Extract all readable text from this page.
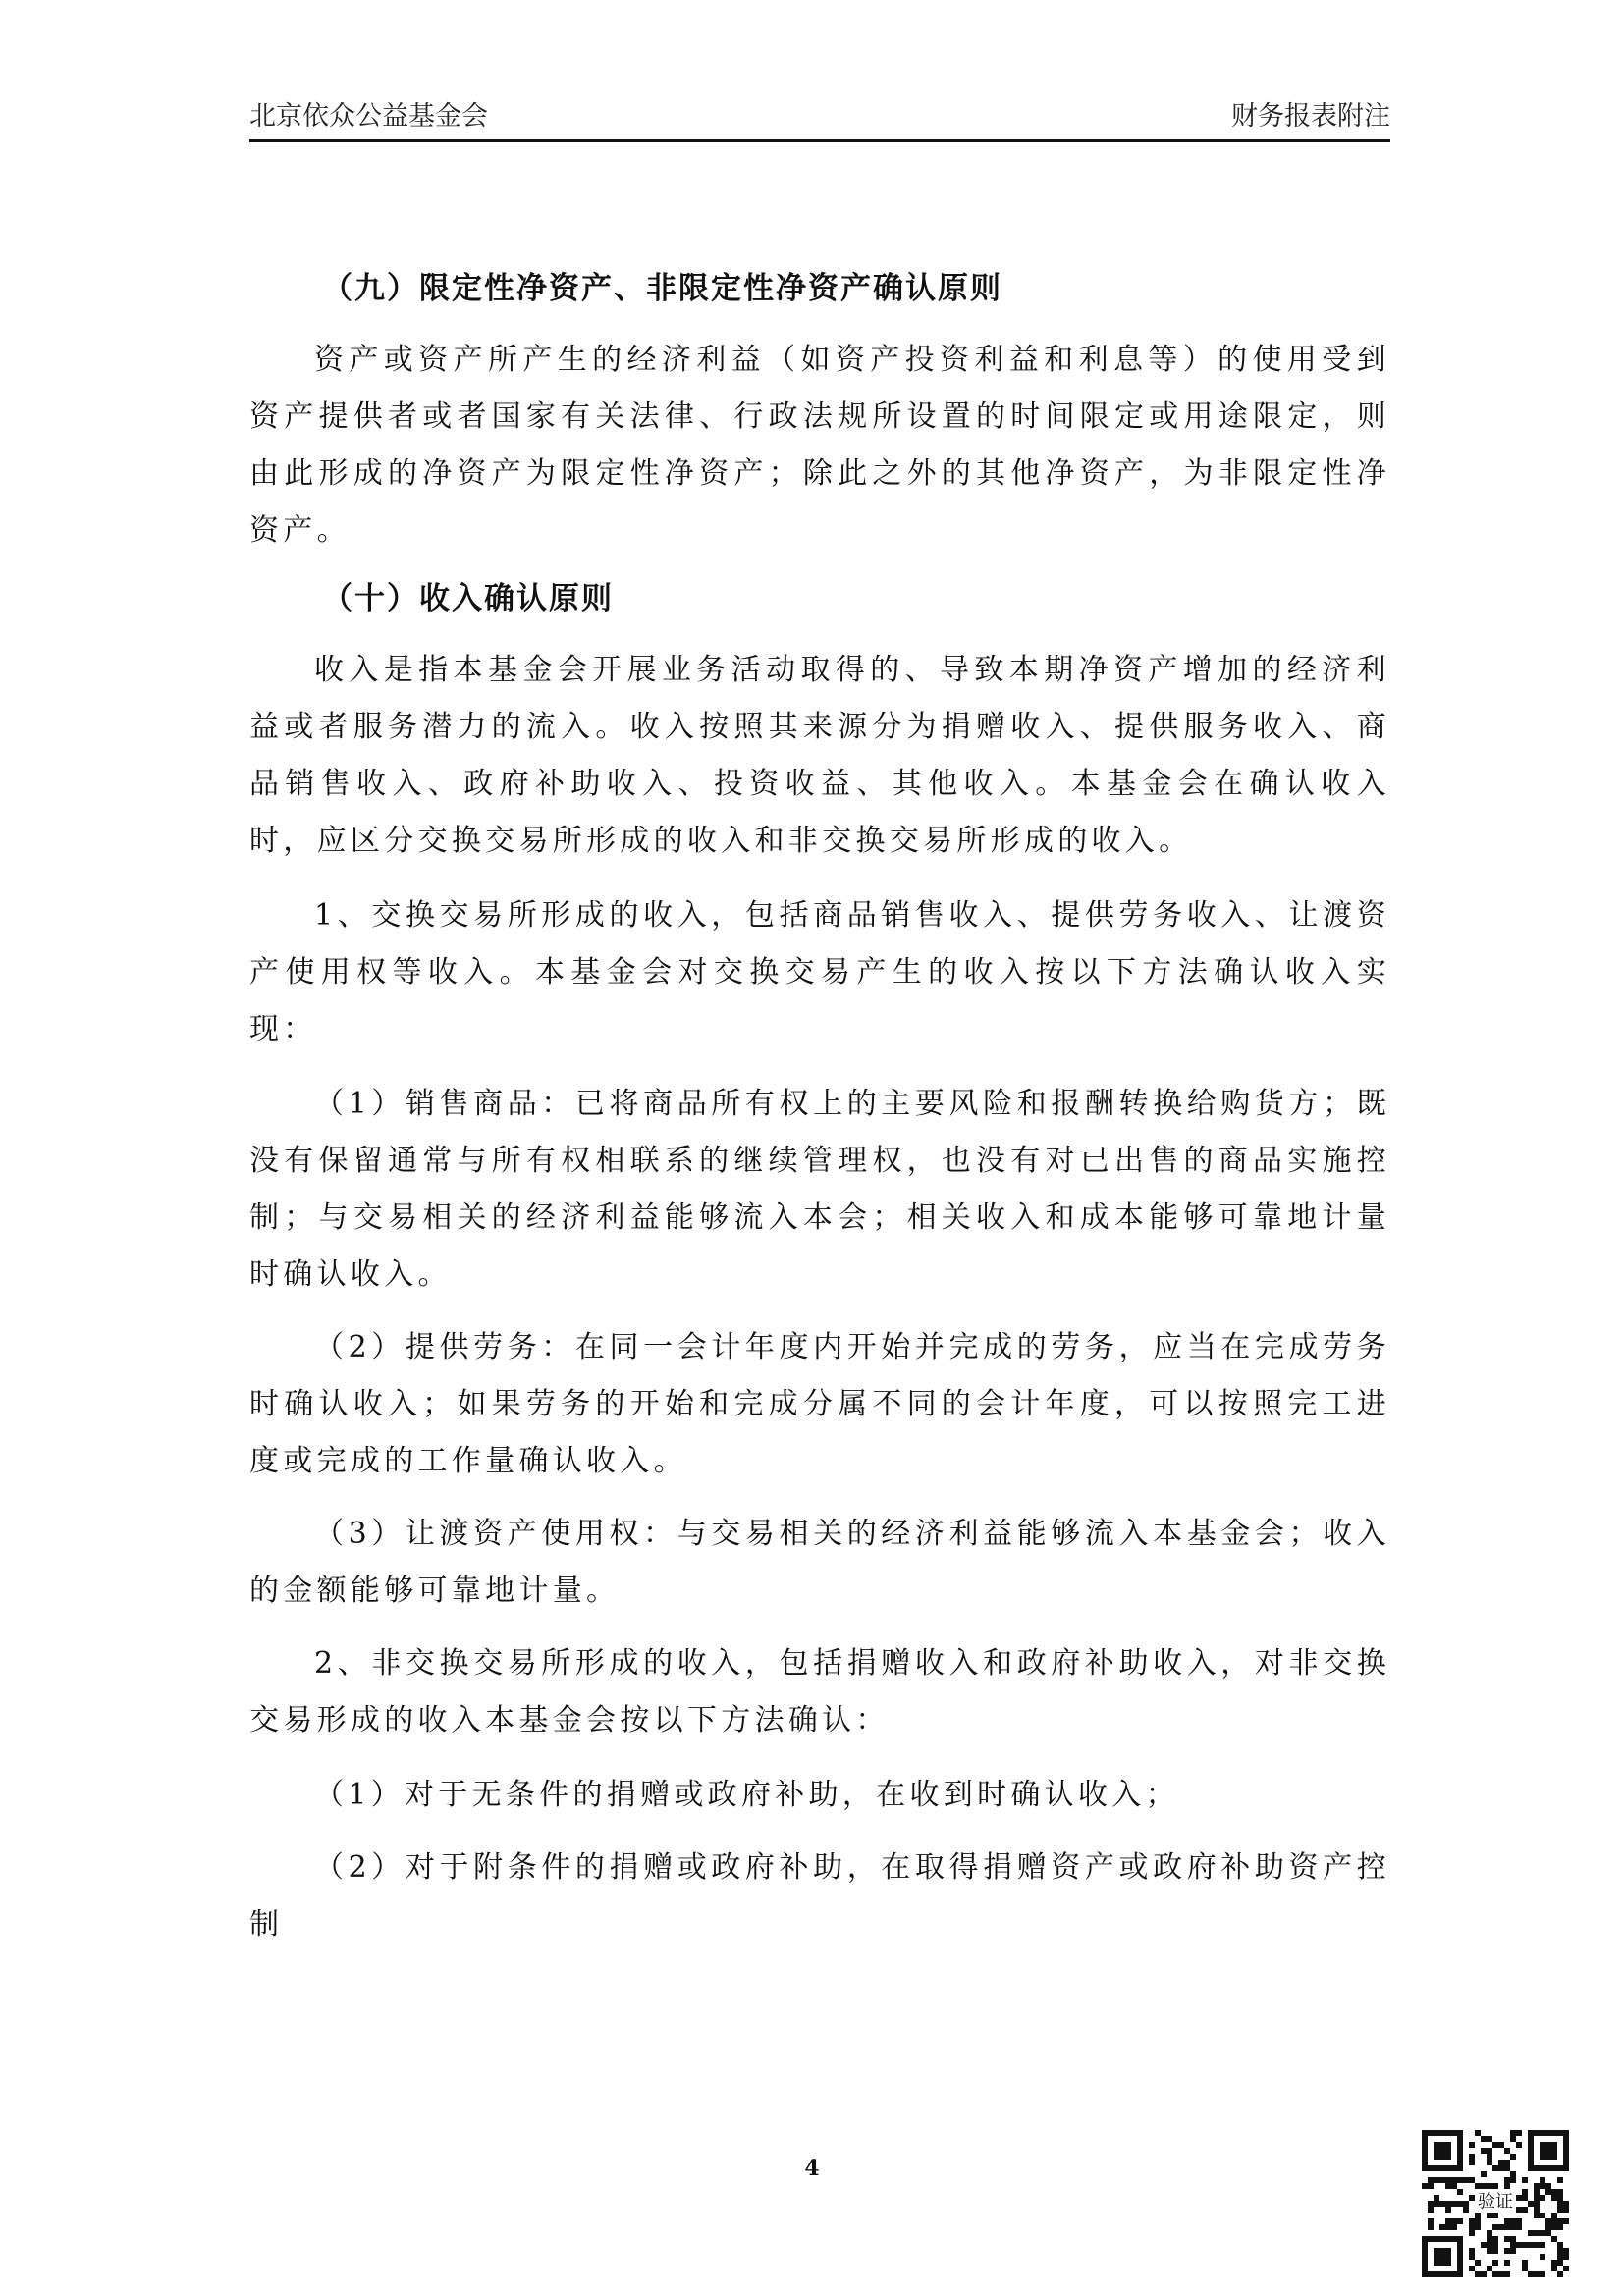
北京依众公益基金会	财务报表附注

（九）限定性净资产、非限定性净资产确认原则

资产或资产所产生的经济利益（如资产投资利益和利息等）的使用受到资产提供者或者国家有关法律、行政法规所设置的时间限定或用途限定，则由此形成的净资产为限定性净资产；除此之外的其他净资产，为非限定性净资产。

（十）收入确认原则

收入是指本基金会开展业务活动取得的、导致本期净资产增加的经济利益或者服务潜力的流入。收入按照其来源分为捐赠收入、提供服务收入、商品销售收入、政府补助收入、投资收益、其他收入。本基金会在确认收入时，应区分交换交易所形成的收入和非交换交易所形成的收入。

1、交换交易所形成的收入，包括商品销售收入、提供劳务收入、让渡资产使用权等收入。本基金会对交换交易产生的收入按以下方法确认收入实现：

（1）销售商品：已将商品所有权上的主要风险和报酬转换给购货方；既没有保留通常与所有权相联系的继续管理权，也没有对已出售的商品实施控制；与交易相关的经济利益能够流入本会；相关收入和成本能够可靠地计量时确认收入。

（2）提供劳务：在同一会计年度内开始并完成的劳务，应当在完成劳务时确认收入；如果劳务的开始和完成分属不同的会计年度，可以按照完工进度或完成的工作量确认收入。

（3）让渡资产使用权：与交易相关的经济利益能够流入本基金会；收入的金额能够可靠地计量。

2、非交换交易所形成的收入，包括捐赠收入和政府补助收入，对非交换交易形成的收入本基金会按以下方法确认：

（1）对于无条件的捐赠或政府补助，在收到时确认收入；

（2）对于附条件的捐赠或政府补助，在取得捐赠资产或政府补助资产控制

4
验证
